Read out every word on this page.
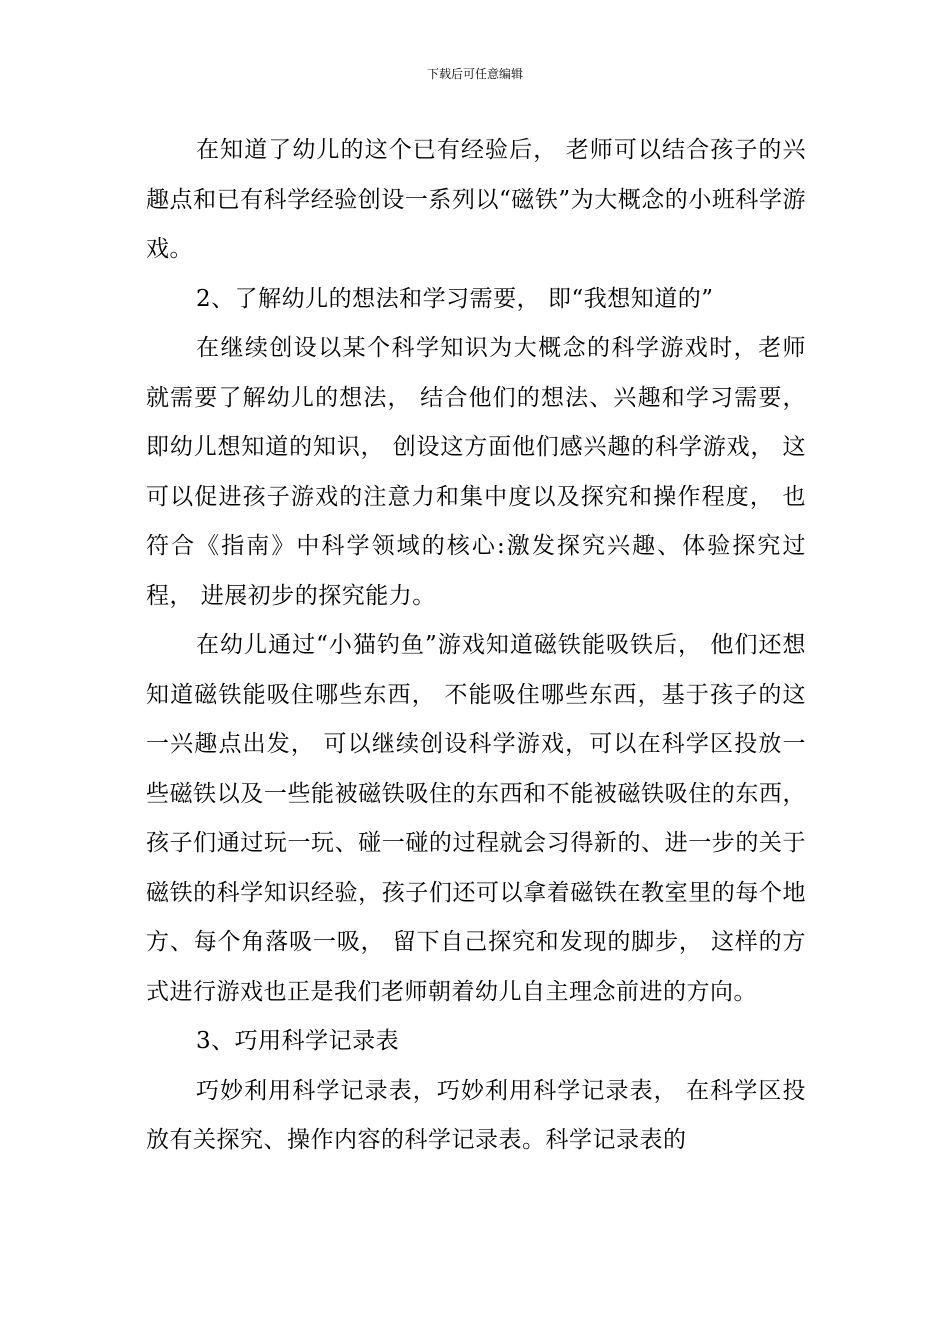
下载后可任意编辑

在知道了幼儿的这个已有经验后， 老师可以结合孩子的兴趣点和已有科学经验创设一系列以“磁铁”为大概念的小班科学游戏。

2、了解幼儿的想法和学习需要， 即“我想知道的”

在继续创设以某个科学知识为大概念的科学游戏时，老师就需要了解幼儿的想法， 结合他们的想法、兴趣和学习需要， 即幼儿想知道的知识， 创设这方面他们感兴趣的科学游戏， 这可以促进孩子游戏的注意力和集中度以及探究和操作程度， 也符合《指南》中科学领域的核心:激发探究兴趣、体验探究过程， 进展初步的探究能力。

在幼儿通过“小猫钓鱼”游戏知道磁铁能吸铁后， 他们还想知道磁铁能吸住哪些东西， 不能吸住哪些东西，基于孩子的这一兴趣点出发， 可以继续创设科学游戏，可以在科学区投放一些磁铁以及一些能被磁铁吸住的东西和不能被磁铁吸住的东西， 孩子们通过玩一玩、碰一碰的过程就会习得新的、进一步的关于磁铁的科学知识经验，孩子们还可以拿着磁铁在教室里的每个地方、每个角落吸一吸， 留下自己探究和发现的脚步， 这样的方式进行游戏也正是我们老师朝着幼儿自主理念前进的方向。

3、巧用科学记录表

巧妙利用科学记录表，巧妙利用科学记录表， 在科学区投放有关探究、操作内容的科学记录表。科学记录表的
